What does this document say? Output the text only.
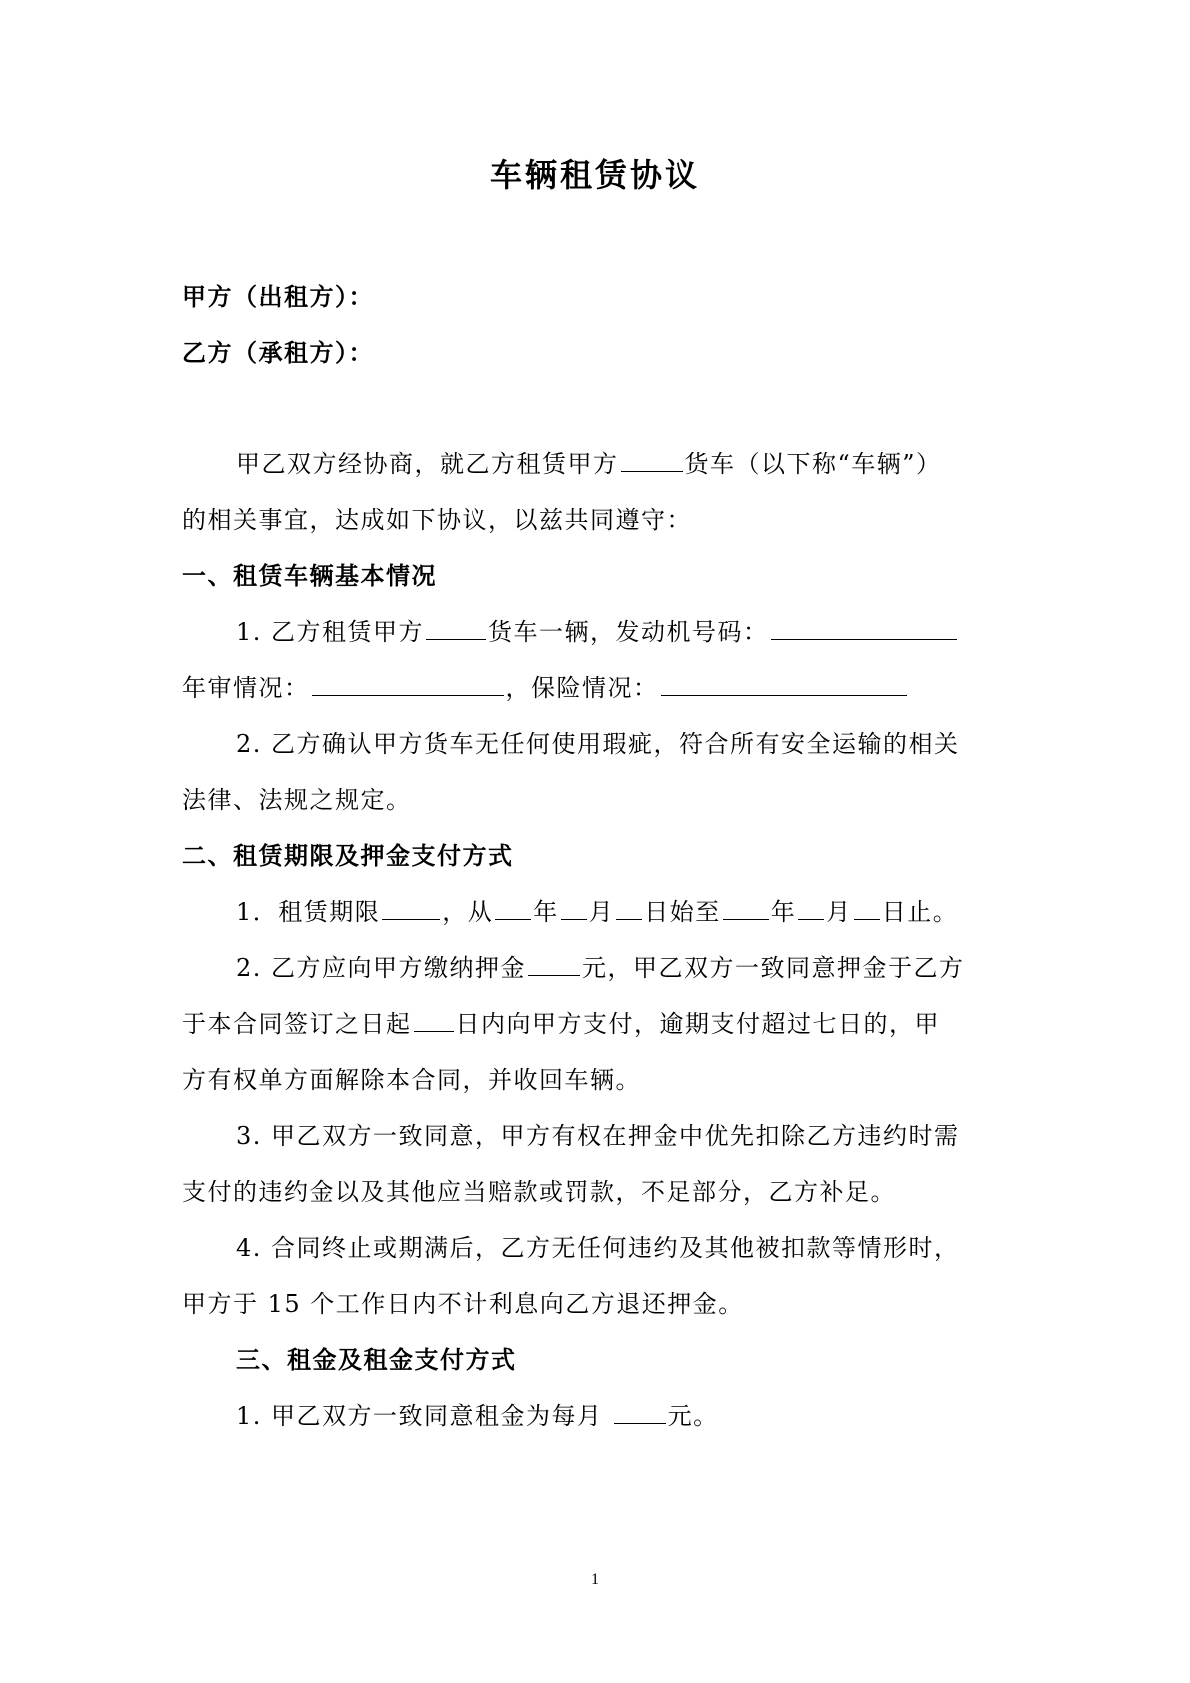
车辆租赁协议
甲方（出租方）：
乙方（承租方）：
甲乙双方经协商，就乙方租赁甲方	货车（以下称“车辆”）
的相关事宜，达成如下协议，以兹共同遵守：
一、租赁车辆基本情况
1. 乙方租赁甲方	货车一辆，发动机号码：
年审情况：	，保险情况：
2. 乙方确认甲方货车无任何使用瑕疵，符合所有安全运输的相关
法律、法规之规定。
二、租赁期限及押金支付方式
1．租赁期限	，从 年 月 日始至 年 月 日止。
2. 乙方应向甲方缴纳押金 元，甲乙双方一致同意押金于乙方
于本合同签订之日起 日内向甲方支付，逾期支付超过七日的，甲
方有权单方面解除本合同，并收回车辆。
3. 甲乙双方一致同意，甲方有权在押金中优先扣除乙方违约时需
支付的违约金以及其他应当赔款或罚款，不足部分，乙方补足。
4. 合同终止或期满后，乙方无任何违约及其他被扣款等情形时，
甲方于 15 个工作日内不计利息向乙方退还押金。
三、租金及租金支付方式
1. 甲乙双方一致同意租金为每月	元。
1
